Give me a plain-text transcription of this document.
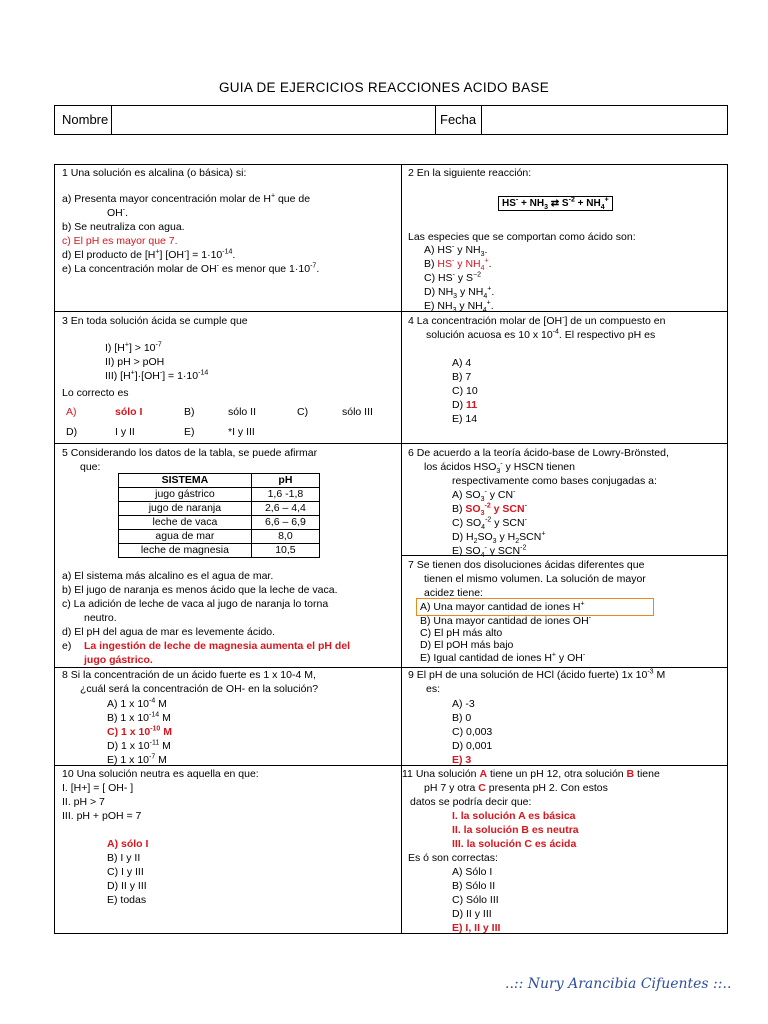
GUIA DE EJERCICIOS REACCIONES ACIDO BASE
Nombre	Fecha
1 Una solución es alcalina (o básica) si:
a) Presenta mayor concentración molar de H+ que de
OH-.
b) Se neutraliza con agua.
c) El pH es mayor que 7.
d) El producto de [H+] $[OH^-] = 1\cdot 10^{-14}$.
e) La concentración molar de OH- es menor que $1\cdot 10^{-7}$.
2 En la siguiente reacción:
$HS^- + NH_3$ ⇄ $S^{-2} + NH_4^+$
Las especies que se comportan como ácido son:
A) HS- y $NH_3$.
B) HS- y $NH_4^+$.
C) HS- y $S^{-2}$
D) $NH_3$ y $NH_4^+$.
E) $NH_3$ y $NH_4^+$.
3 En toda solución ácida se cumple que
I) $[H^+] > 10^{-7}$
II) pH > pOH
III) $[H^+]\cdot[OH^-] = 1\cdot 10^{-14}$
Lo correcto es
A)	sólo I	B)	sólo II	C)	sólo III
D)	I y II	E)	*I y III
4 La concentración molar de [OH-] de un compuesto en
solución acuosa es 10 x $10^{-4}$. El respectivo pH es
A) 4
B) 7
C) 10
D) 11
E) 14
5 Considerando los datos de la tabla, se puede afirmar
que:
SISTEMA	pH
jugo gástrico	1,6 -1,8
jugo de naranja	2,6 – 4,4
leche de vaca	6,6 – 6,9
agua de mar	8,0
leche de magnesia	10,5
a) El sistema más alcalino es el agua de mar.
b) El jugo de naranja es menos ácido que la leche de vaca.
c) La adición de leche de vaca al jugo de naranja lo torna
neutro.
d) El pH del agua de mar es levemente ácido.
e) La ingestión de leche de magnesia aumenta el pH del
jugo gástrico.
6 De acuerdo a la teoría ácido-base de Lowry-Brönsted,
los ácidos $HSO_3^-$ y HSCN tienen
respectivamente como bases conjugadas a:
A) $SO_3^-$ y CN-
B) $SO_3^{-2}$ y SCN-
C) $SO_4^{-2}$ y SCN-
D) $H_2SO_3$ y $H_2SCN^+$
E) $SO_4^-$ y $SCN^{-2}$
7 Se tienen dos disoluciones ácidas diferentes que
tienen el mismo volumen. La solución de mayor
acidez tiene:
A) Una mayor cantidad de iones H+
B) Una mayor cantidad de iones OH-
C) El pH más alto
D) El pOH más bajo
E) Igual cantidad de iones H+ y OH-
8 Si la concentración de un ácido fuerte es 1 x 10-4 M,
¿cuál será la concentración de OH- en la solución?
A) 1 x $10^{-4}$ M
B) 1 x $10^{-14}$ M
C) 1 x $10^{-10}$ M
D) 1 x $10^{-11}$ M
E) 1 x $10^{-7}$ M
9 El pH de una solución de HCl (ácido fuerte) 1x $10^{-3}$ M
es:
A) -3
B) 0
C) 0,003
D) 0,001
E) 3
10 Una solución neutra es aquella en que:
I. [H+] = [ OH- ]
II. pH > 7
III. pH + pOH = 7
A) sólo I
B) I y II
C) I y III
D) II y III
E) todas
11 Una solución A tiene un pH 12, otra solución B tiene
pH 7 y otra C presenta pH 2. Con estos
datos se podría decir que:
I. la solución A es básica
II. la solución B es neutra
III. la solución C es ácida
Es ó son correctas:
A) Sólo I
B) Sólo II
C) Sólo III
D) II y III
E) I, II y III
..:: Nury Arancibia Cifuentes ::..
